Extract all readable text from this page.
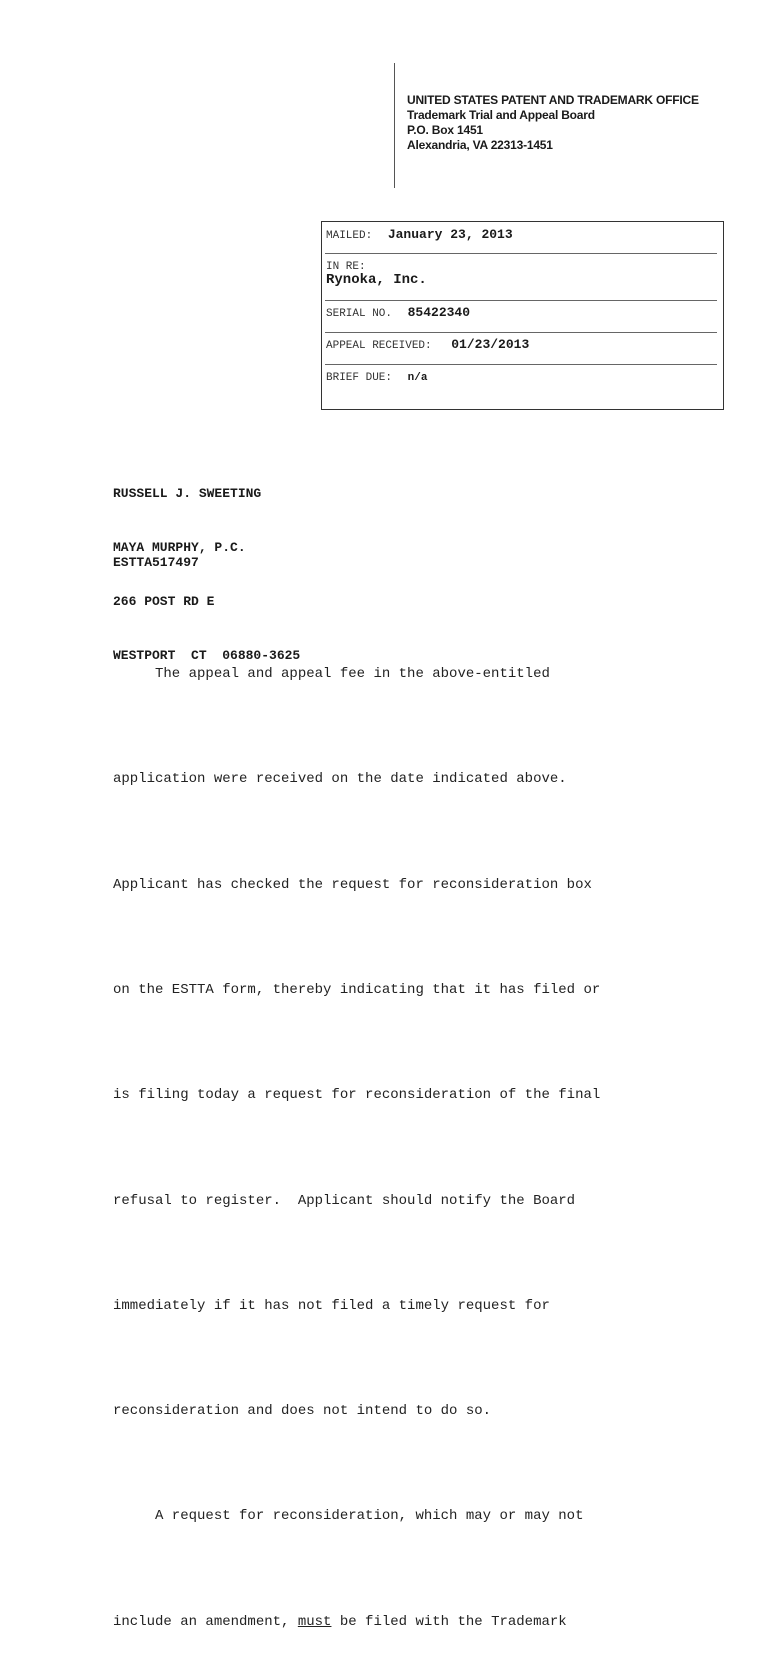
UNITED STATES PATENT AND TRADEMARK OFFICE
Trademark Trial and Appeal Board
P.O. Box 1451
Alexandria, VA 22313-1451
MAILED: January 23, 2013
IN RE:
Rynoka, Inc.
SERIAL NO. 85422340
APPEAL RECEIVED: 01/23/2013
BRIEF DUE: n/a

RUSSELL J. SWEETING

MAYA MURPHY, P.C.

266 POST RD E

WESTPORT  CT  06880-3625

ESTTA517497

The appeal and appeal fee in the above-entitled

application were received on the date indicated above.

Applicant has checked the request for reconsideration box

on the ESTTA form, thereby indicating that it has filed or

is filing today a request for reconsideration of the final

refusal to register.  Applicant should notify the Board

immediately if it has not filed a timely request for

reconsideration and does not intend to do so.

A request for reconsideration, which may or may not

include an amendment, must be filed with the Trademark
